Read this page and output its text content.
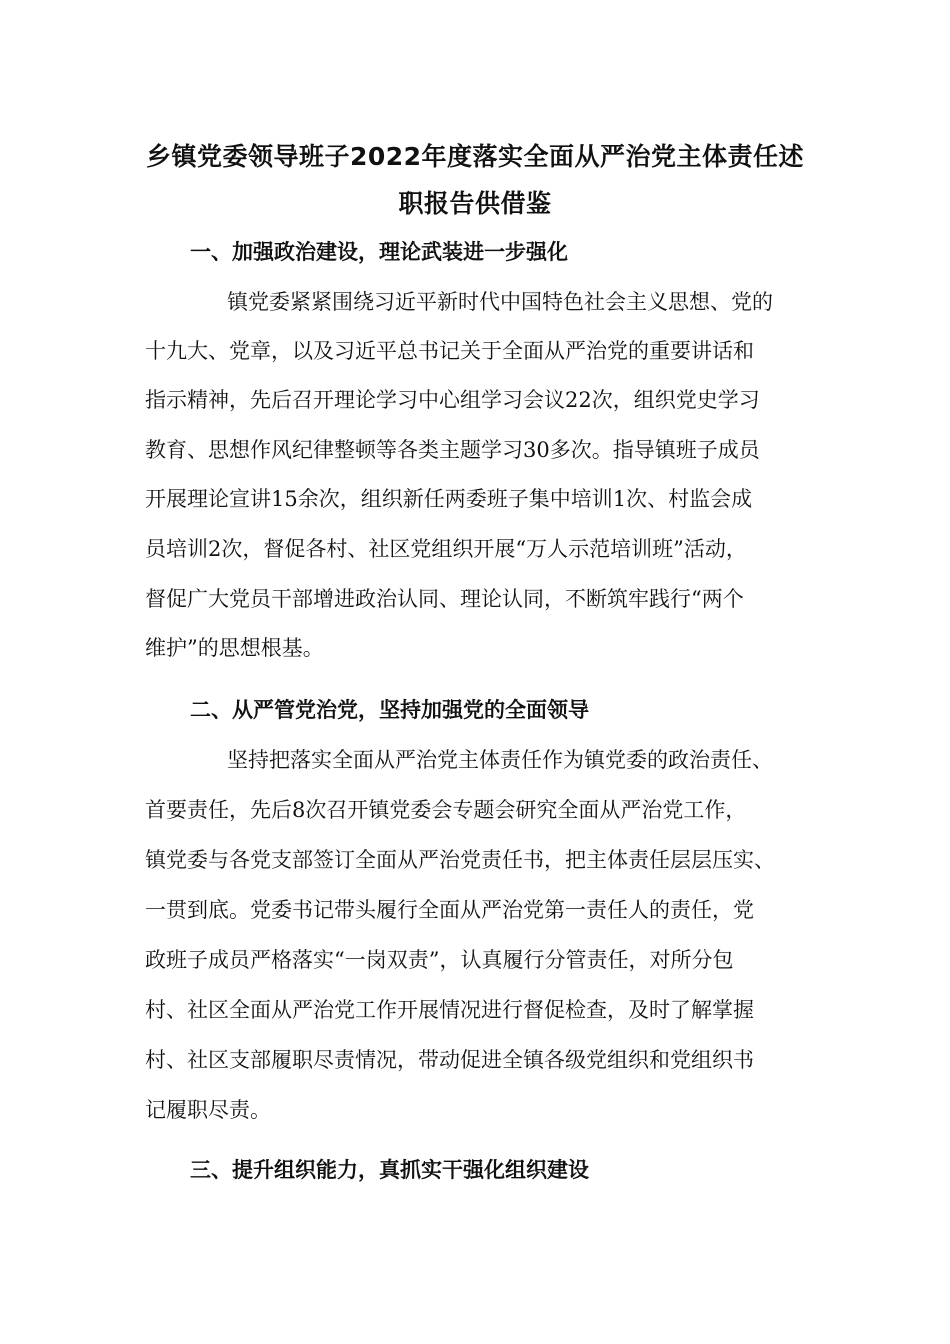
乡镇党委领导班子2022年度落实全面从严治党主体责任述
职报告供借鉴
一、加强政治建设，理论武装进一步强化
镇党委紧紧围绕习近平新时代中国特色社会主义思想、党的
十九大、党章，以及习近平总书记关于全面从严治党的重要讲话和
指示精神，先后召开理论学习中心组学习会议22次，组织党史学习
教育、思想作风纪律整顿等各类主题学习30多次。指导镇班子成员
开展理论宣讲15余次，组织新任两委班子集中培训1次、村监会成
员培训2次，督促各村、社区党组织开展“万人示范培训班”活动，
督促广大党员干部增进政治认同、理论认同，不断筑牢践行“两个
维护”的思想根基。
二、从严管党治党，坚持加强党的全面领导
坚持把落实全面从严治党主体责任作为镇党委的政治责任、
首要责任，先后8次召开镇党委会专题会研究全面从严治党工作，
镇党委与各党支部签订全面从严治党责任书，把主体责任层层压实、
一贯到底。党委书记带头履行全面从严治党第一责任人的责任，党
政班子成员严格落实“一岗双责”，认真履行分管责任，对所分包
村、社区全面从严治党工作开展情况进行督促检查，及时了解掌握
村、社区支部履职尽责情况，带动促进全镇各级党组织和党组织书
记履职尽责。
三、提升组织能力，真抓实干强化组织建设
